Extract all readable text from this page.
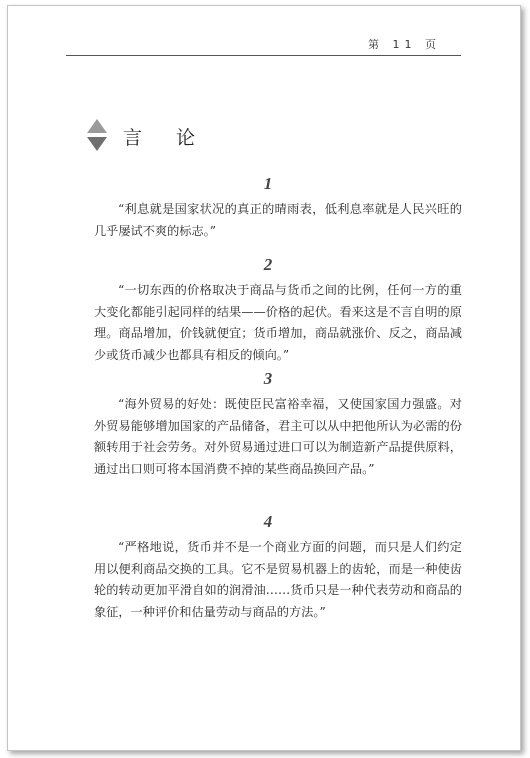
第 11 页
言 论
1

“利息就是国家状况的真正的晴雨表，低利息率就是人民兴旺的几乎屡试不爽的标志。”

2

“一切东西的价格取决于商品与货币之间的比例，任何一方的重大变化都能引起同样的结果——价格的起伏。看来这是不言自明的原理。商品增加，价钱就便宜；货币增加，商品就涨价、反之，商品减少或货币减少也都具有相反的倾向。”

3

“海外贸易的好处：既使臣民富裕幸福，又使国家国力强盛。对外贸易能够增加国家的产品储备，君主可以从中把他所认为必需的份额转用于社会劳务。对外贸易通过进口可以为制造新产品提供原料，通过出口则可将本国消费不掉的某些商品换回产品。”

4

“严格地说，货币并不是一个商业方面的问题，而只是人们约定用以便利商品交换的工具。它不是贸易机器上的齿轮，而是一种使齿轮的转动更加平滑自如的润滑油……货币只是一种代表劳动和商品的象征，一种评价和估量劳动与商品的方法。”
